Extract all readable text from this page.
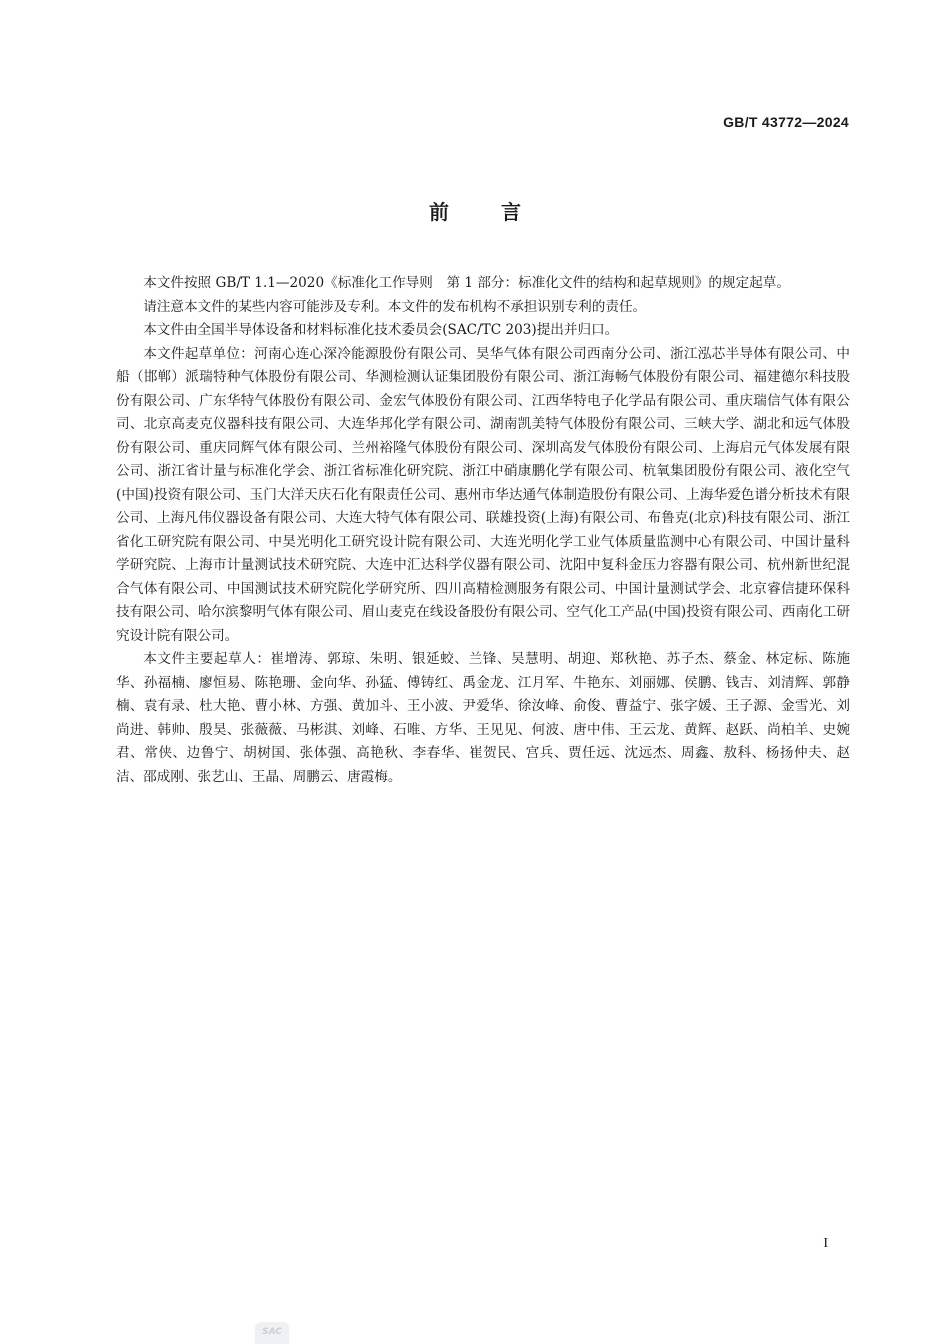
GB/T 43772—2024
前言

本文件按照 GB/T 1.1—2020《标准化工作导则　第 1 部分：标准化文件的结构和起草规则》的规定起草。

请注意本文件的某些内容可能涉及专利。本文件的发布机构不承担识别专利的责任。

本文件由全国半导体设备和材料标准化技术委员会(SAC/TC 203)提出并归口。

本文件起草单位：河南心连心深冷能源股份有限公司、昊华气体有限公司西南分公司、浙江泓芯半导体有限公司、中船（邯郸）派瑞特种气体股份有限公司、华测检测认证集团股份有限公司、浙江海畅气体股份有限公司、福建德尔科技股份有限公司、广东华特气体股份有限公司、金宏气体股份有限公司、江西华特电子化学品有限公司、重庆瑞信气体有限公司、北京高麦克仪器科技有限公司、大连华邦化学有限公司、湖南凯美特气体股份有限公司、三峡大学、湖北和远气体股份有限公司、重庆同辉气体有限公司、兰州裕隆气体股份有限公司、深圳高发气体股份有限公司、上海启元气体发展有限公司、浙江省计量与标准化学会、浙江省标准化研究院、浙江中硝康鹏化学有限公司、杭氧集团股份有限公司、液化空气(中国)投资有限公司、玉门大洋天庆石化有限责任公司、惠州市华达通气体制造股份有限公司、上海华爱色谱分析技术有限公司、上海凡伟仪器设备有限公司、大连大特气体有限公司、联雄投资(上海)有限公司、布鲁克(北京)科技有限公司、浙江省化工研究院有限公司、中昊光明化工研究设计院有限公司、大连光明化学工业气体质量监测中心有限公司、中国计量科学研究院、上海市计量测试技术研究院、大连中汇达科学仪器有限公司、沈阳中复科金压力容器有限公司、杭州新世纪混合气体有限公司、中国测试技术研究院化学研究所、四川高精检测服务有限公司、中国计量测试学会、北京睿信捷环保科技有限公司、哈尔滨黎明气体有限公司、眉山麦克在线设备股份有限公司、空气化工产品(中国)投资有限公司、西南化工研究设计院有限公司。

本文件主要起草人：崔增涛、郭琼、朱明、银延蛟、兰锋、吴慧明、胡迎、郑秋艳、苏子杰、蔡金、林定标、陈施华、孙福楠、廖恒易、陈艳珊、金向华、孙猛、傅铸红、禹金龙、江月军、牛艳东、刘丽娜、侯鹏、钱吉、刘清辉、郭静楠、袁有录、杜大艳、曹小林、方强、黄加斗、王小波、尹爱华、徐汝峰、俞俊、曹益宁、张字媛、王子源、金雪光、刘尚进、韩帅、殷昊、张薇薇、马彬淇、刘峰、石唯、方华、王见见、何波、唐中伟、王云龙、黄辉、赵跃、尚柏羊、史婉君、常侠、边鲁宁、胡树国、张体强、高艳秋、李春华、崔贺民、宫兵、贾任远、沈远杰、周鑫、敖科、杨扬仲夫、赵洁、邵成刚、张艺山、王晶、周鹏云、唐霞梅。

I
SAC
